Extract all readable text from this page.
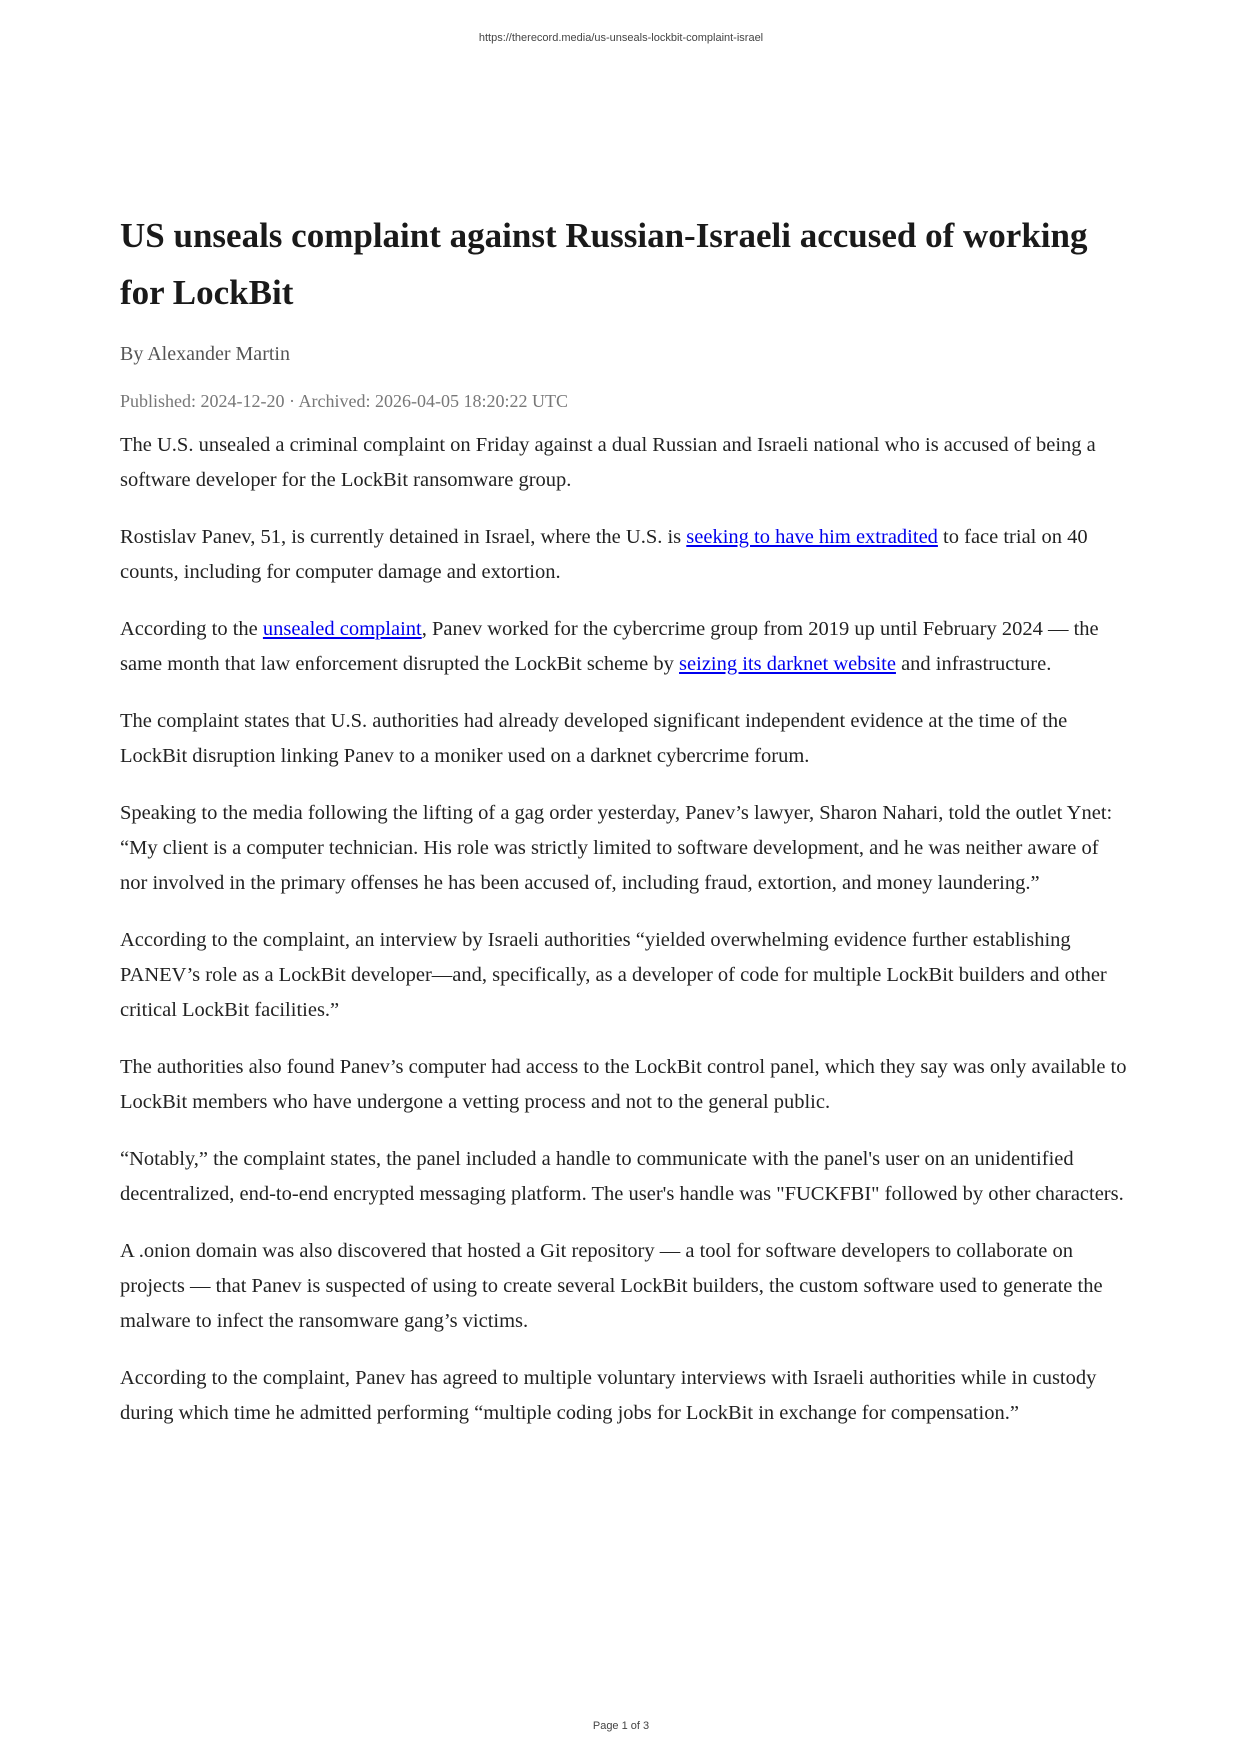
https://therecord.media/us-unseals-lockbit-complaint-israel
US unseals complaint against Russian-Israeli accused of working for LockBit
By Alexander Martin
Published: 2024-12-20 · Archived: 2026-04-05 18:20:22 UTC

The U.S. unsealed a criminal complaint on Friday against a dual Russian and Israeli national who is accused of being a software developer for the LockBit ransomware group.

Rostislav Panev, 51, is currently detained in Israel, where the U.S. is seeking to have him extradited to face trial on 40 counts, including for computer damage and extortion.

According to the unsealed complaint, Panev worked for the cybercrime group from 2019 up until February 2024 — the same month that law enforcement disrupted the LockBit scheme by seizing its darknet website and infrastructure.

The complaint states that U.S. authorities had already developed significant independent evidence at the time of the LockBit disruption linking Panev to a moniker used on a darknet cybercrime forum.

Speaking to the media following the lifting of a gag order yesterday, Panev’s lawyer, Sharon Nahari, told the outlet Ynet: “My client is a computer technician. His role was strictly limited to software development, and he was neither aware of nor involved in the primary offenses he has been accused of, including fraud, extortion, and money laundering.”

According to the complaint, an interview by Israeli authorities “yielded overwhelming evidence further establishing PANEV’s role as a LockBit developer—and, specifically, as a developer of code for multiple LockBit builders and other critical LockBit facilities.”

The authorities also found Panev’s computer had access to the LockBit control panel, which they say was only available to LockBit members who have undergone a vetting process and not to the general public.

“Notably,” the complaint states, the panel included a handle to communicate with the panel's user on an unidentified decentralized, end-to-end encrypted messaging platform. The user's handle was "FUCKFBI" followed by other characters.

A .onion domain was also discovered that hosted a Git repository — a tool for software developers to collaborate on projects — that Panev is suspected of using to create several LockBit builders, the custom software used to generate the malware to infect the ransomware gang’s victims.

According to the complaint, Panev has agreed to multiple voluntary interviews with Israeli authorities while in custody during which time he admitted performing “multiple coding jobs for LockBit in exchange for compensation.”

Page 1 of 3
